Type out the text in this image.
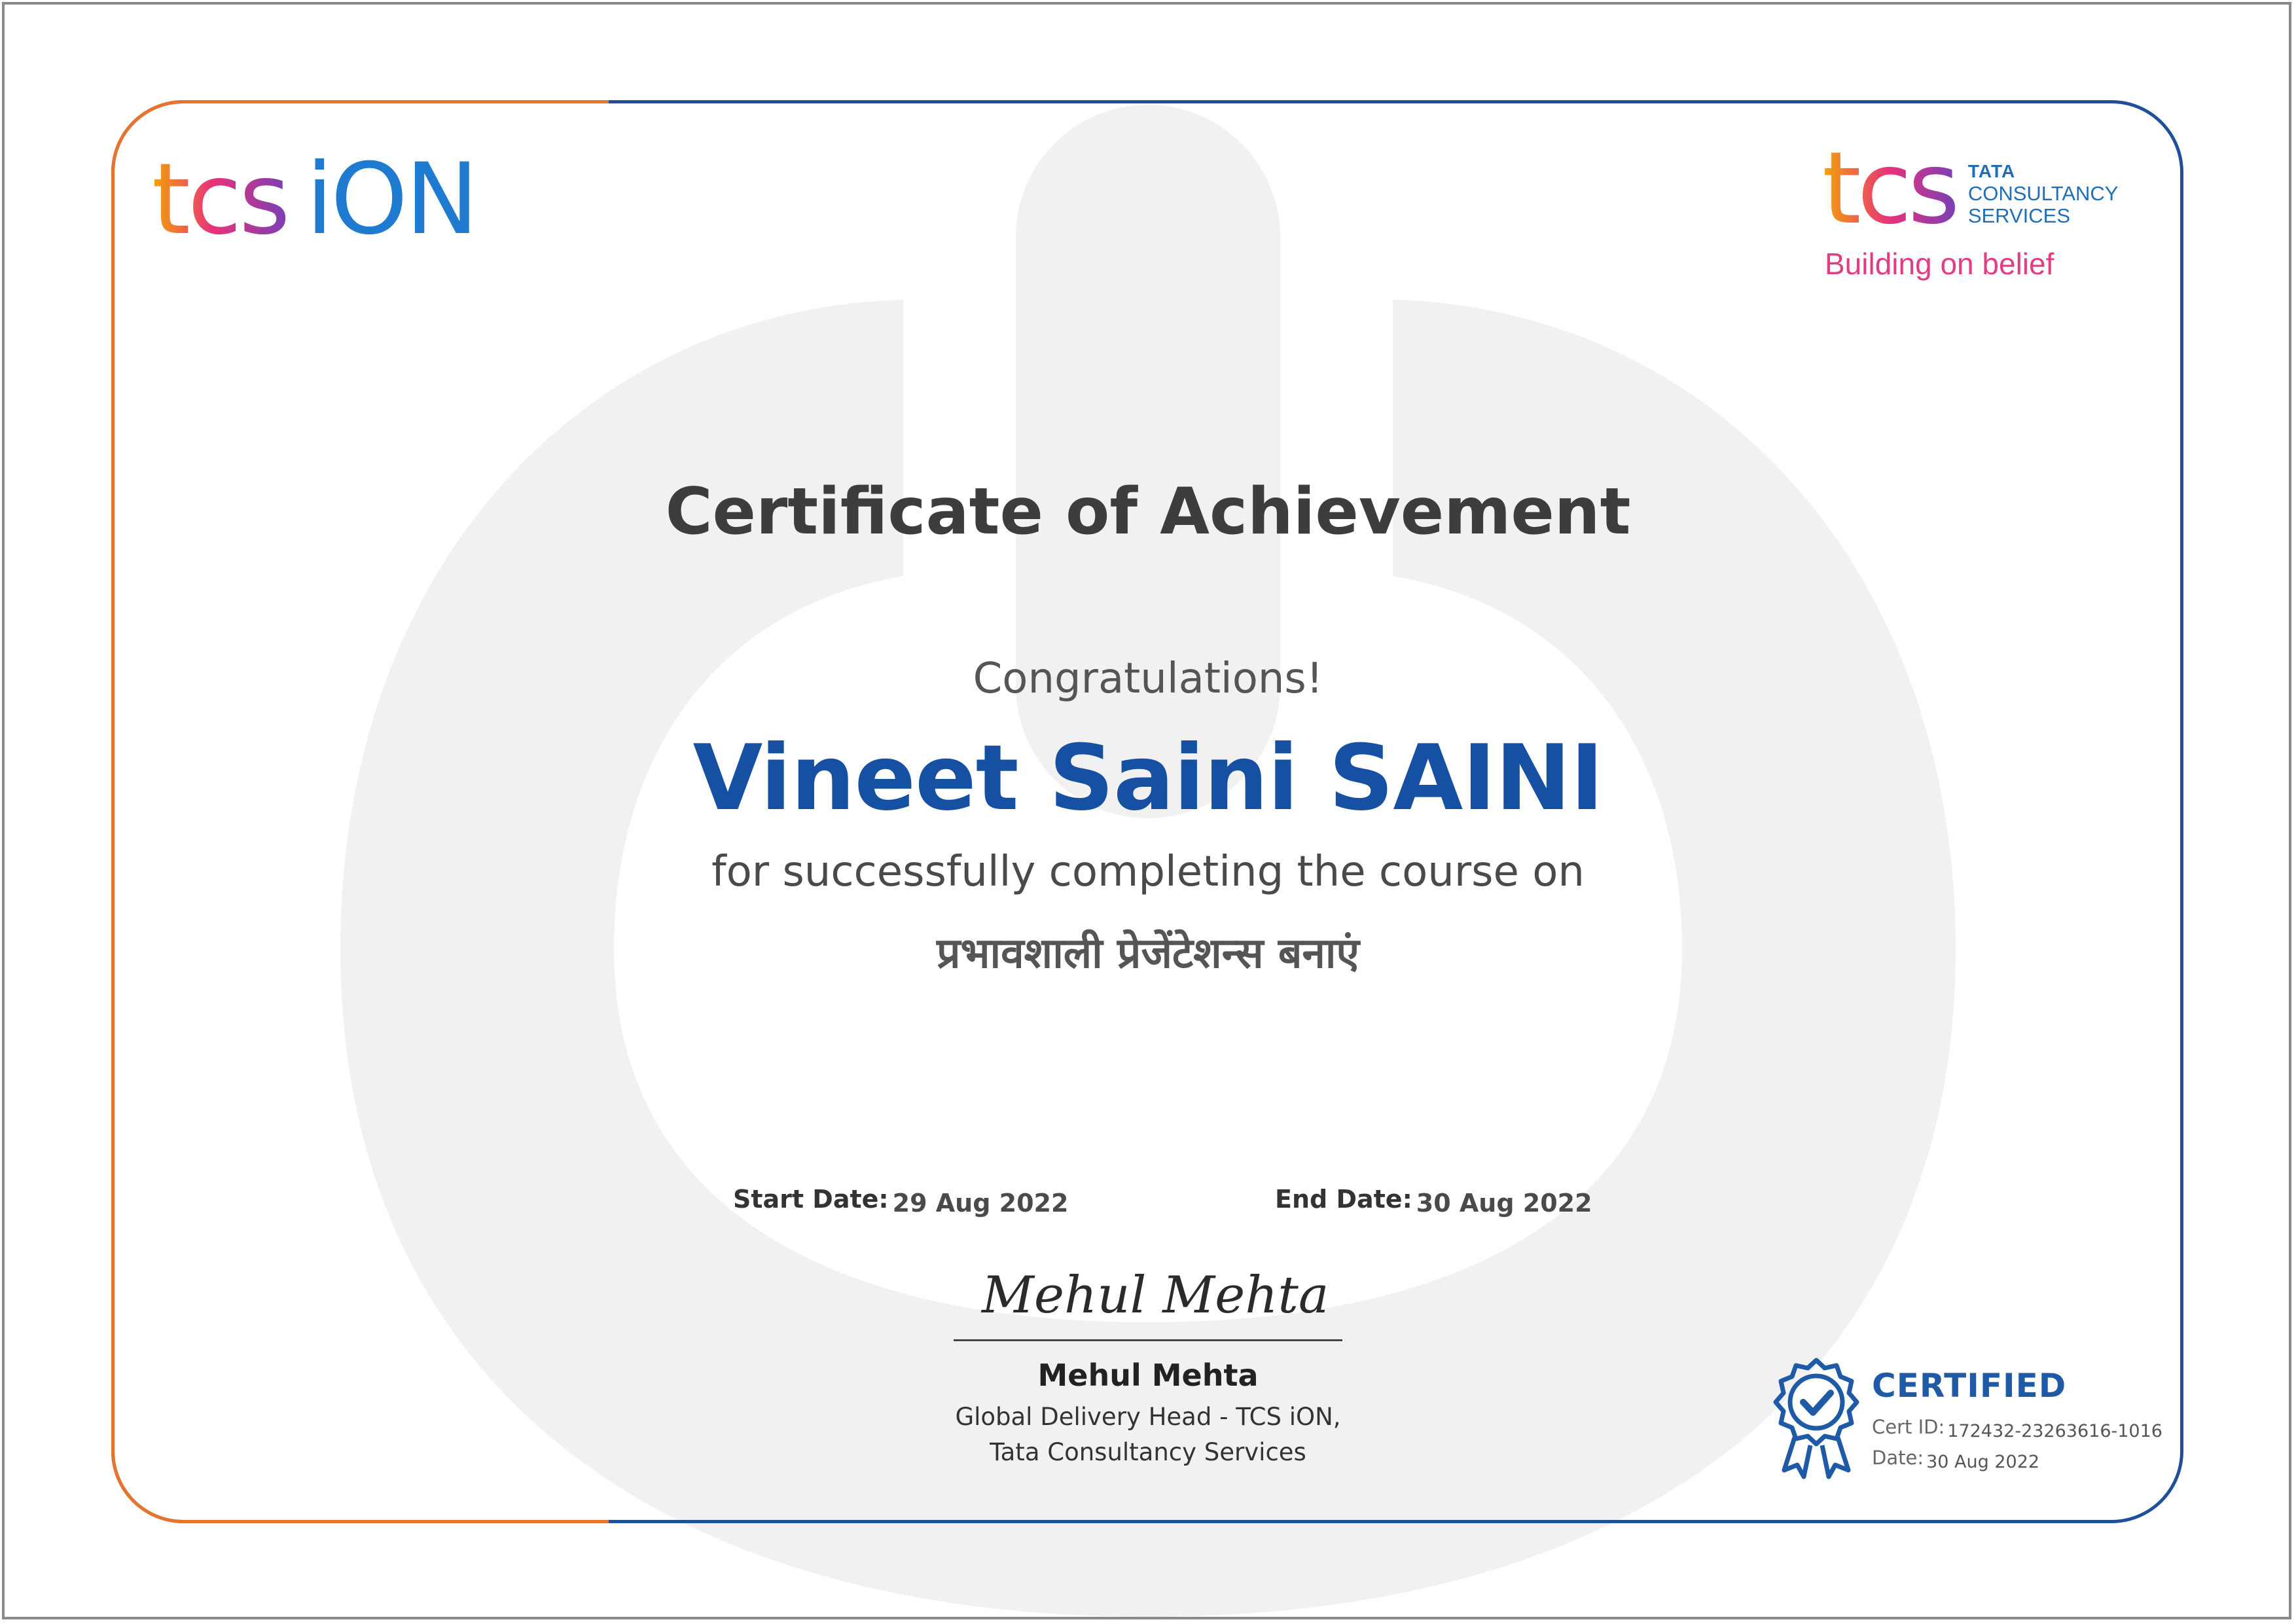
tcs iON	tcs TATA
CONSULTANCY
SERVICES
Building on belief
Certificate of Achievement
Congratulations!
Vineet Saini SAINI
for successfully completing the course on
प्रभावशाली प्रेजेंटेशन्स बनाएं
Start Date: 29 Aug 2022	End Date: 30 Aug 2022
Mehul Mehta
Mehul Mehta
Global Delivery Head - TCS iON,
Tata Consultancy Services
CERTIFIED
Cert ID: 172432-23263616-1016
Date: 30 Aug 2022
